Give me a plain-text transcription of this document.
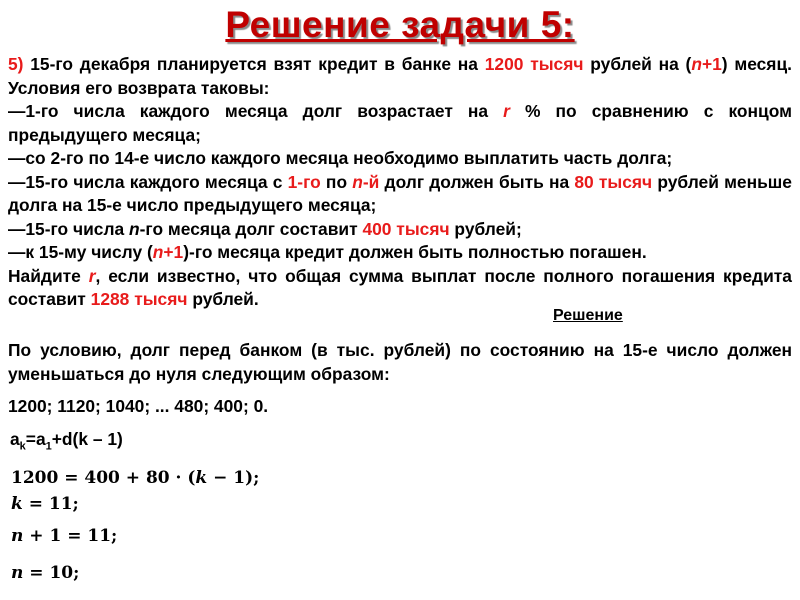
Решение задачи 5:

5) 15-го декабря планируется взят кредит в банке на 1200 тысяч рублей на (n+1) месяц. Условия его возврата таковы:

—1-го числа каждого месяца долг возрастает на r % по сравнению с концом предыдущего месяца;

—со 2-го по 14-е число каждого месяца необходимо выплатить часть долга;

—15-го числа каждого месяца с 1-го по n-й долг должен быть на 80 тысяч рублей меньше долга на 15-е число предыдущего месяца;

—15-го числа n-го месяца долг составит 400 тысяч рублей;

—к 15-му числу (n+1)-го месяца кредит должен быть полностью погашен.

Найдите r, если известно, что общая сумма выплат после полного погашения кредита составит 1288 тысяч рублей.

Решение
По условию, долг перед банком (в тыс. рублей) по состоянию на 15-е число должен уменьшаться до нуля следующим образом:
1200; 1120; 1040; ... 480; 400; 0.
$a_k=a_1+d(k - 1)$
1200 = 400 + 80 · (k − 1);
k = 11;
n + 1 = 11;
n = 10;
